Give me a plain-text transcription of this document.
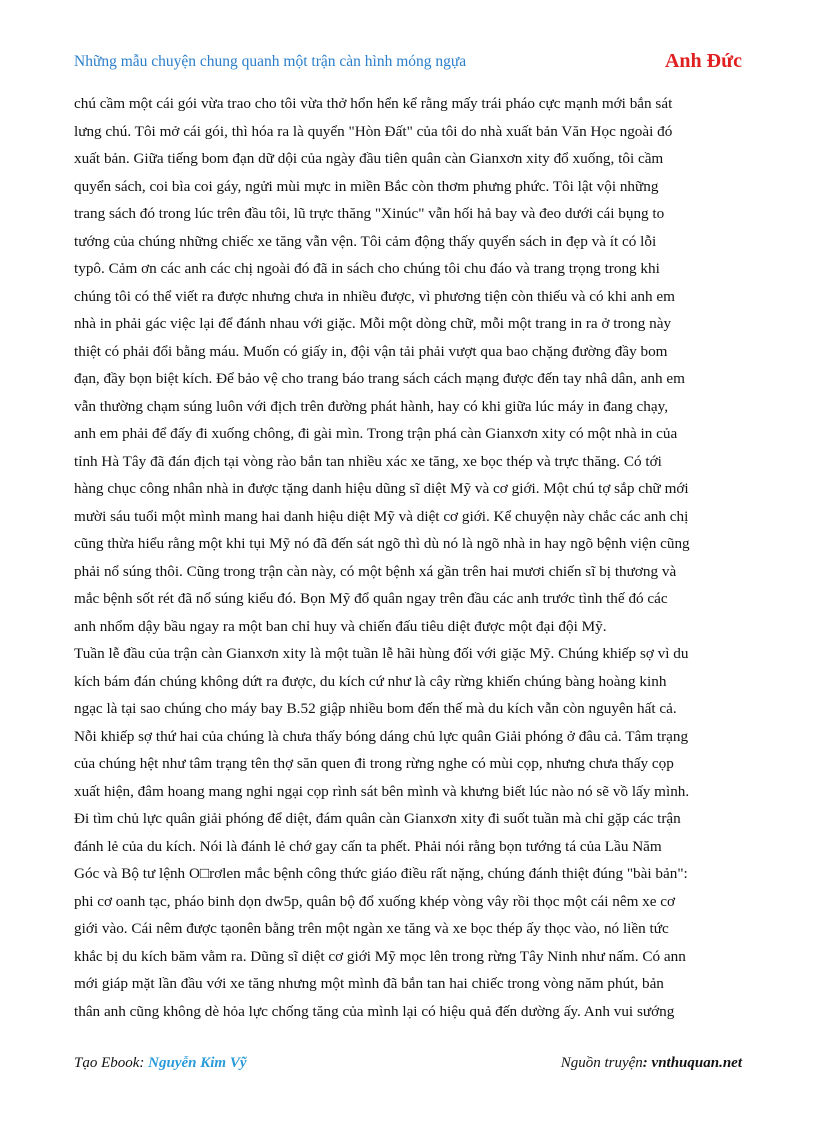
Những mẫu chuyện chung quanh một trận càn hình móng ngựa	Anh Đức
chú cầm một cái gói vừa trao cho tôi vừa thở hổn hển kể rằng mấy trái pháo cực mạnh mới bắn sát
lưng chú. Tôi mở cái gói, thì hóa ra là quyển "Hòn Đất" của tôi do nhà xuất bản Văn Học ngoài đó
xuất bản. Giữa tiếng bom đạn dữ dội của ngày đầu tiên quân càn Gianxơn xity đổ xuống, tôi cầm
quyển sách, coi bìa coi gáy, ngửi mùi mực in miền Bắc còn thơm phưng phức. Tôi lật vội những
trang sách đó trong lúc trên đầu tôi, lũ trực thăng "Xinúc" vẫn hối hả bay và đeo dưới cái bụng to
tướng của chúng những chiếc xe tăng vẫn vện. Tôi cảm động thấy quyển sách in đẹp và ít có lỗi
typô. Cảm ơn các anh các chị ngoài đó đã in sách cho chúng tôi chu đáo và trang trọng trong khi
chúng tôi có thể viết ra được nhưng chưa in nhiều được, vì phương tiện còn thiếu và có khi anh em
nhà in phải gác việc lại để đánh nhau với giặc. Mỗi một dòng chữ, mỗi một trang in ra ở trong này
thiệt có phải đổi bằng máu. Muốn có giấy in, đội vận tải phải vượt qua bao chặng đường đầy bom
đạn, đầy bọn biệt kích. Để bảo vệ cho trang báo trang sách cách mạng được đến tay nhâ dân, anh em
vẫn thường chạm súng luôn với địch trên đường phát hành, hay có khi giữa lúc máy in đang chạy,
anh em phải để đấy đi xuống chông, đi gài mìn. Trong trận phá càn Gianxơn xity có một nhà in của
tỉnh Hà Tây đã đán địch tại vòng rào bắn tan nhiều xác xe tăng, xe bọc thép và trực thăng. Có tới
hàng chục công nhân nhà in được tặng danh hiệu dũng sĩ diệt Mỹ và cơ giới. Một chú tợ sắp chữ mới
mười sáu tuổi một mình mang hai danh hiệu diệt Mỹ và diệt cơ giới. Kể chuyện này chắc các anh chị
cũng thừa hiểu rằng một khi tụi Mỹ nó đã đến sát ngõ thì dù nó là ngõ nhà in hay ngõ bệnh viện cũng
phải nổ súng thôi. Cũng trong trận càn này, có một bệnh xá gần trên hai mươi chiến sĩ bị thương và
mắc bệnh sốt rét đã nổ súng kiểu đó. Bọn Mỹ đổ quân ngay trên đầu các anh trước tình thế đó các
anh nhổm dậy bầu ngay ra một ban chỉ huy và chiến đấu tiêu diệt được một đại đội Mỹ.
Tuần lễ đầu của trận càn Gianxơn xity là một tuần lễ hãi hùng đối với giặc Mỹ. Chúng khiếp sợ vì du
kích bám đán chúng không dứt ra được, du kích cứ như là cây rừng khiến chúng bàng hoàng kinh
ngạc là tại sao chúng cho máy bay B.52 giập nhiều bom đến thế mà du kích vẫn còn nguyên hất cả.
Nỗi khiếp sợ thứ hai của chúng là chưa thấy bóng dáng chủ lực quân Giải phóng ở đâu cả. Tâm trạng
của chúng hệt như tâm trạng tên thợ săn quen đi trong rừng nghe có mùi cọp, nhưng chưa thấy cọp
xuất hiện, đâm hoang mang nghi ngại cọp rình sát bên mình và khưng biết lúc nào nó sẽ vồ lấy mình.
Đi tìm chủ lực quân giải phóng để diệt, đám quân càn Gianxơn xity đi suốt tuần mà chỉ gặp các trận
đánh lẻ của du kích. Nói là đánh lẻ chớ gay cấn ta phết. Phải nói rằng bọn tướng tá của Lầu Năm
Góc và Bộ tư lệnh O□rơlen mắc bệnh công thức giáo điều rất nặng, chúng đánh thiệt đúng "bài bản":
phi cơ oanh tạc, pháo binh dọn dw5p, quân bộ đổ xuống khép vòng vây rồi thọc một cái nêm xe cơ
giới vào. Cái nêm được tạonên bằng trên một ngàn xe tăng và xe bọc thép ấy thọc vào, nó liền tức
khắc bị du kích băm vằm ra. Dũng sĩ diệt cơ giới Mỹ mọc lên trong rừng Tây Ninh như nấm. Có ann
mới giáp mặt lần đầu với xe tăng nhưng một mình đã bắn tan hai chiếc trong vòng năm phút, bản
thân anh cũng không dè hỏa lực chống tăng của mình lại có hiệu quả đến dường ấy. Anh vui sướng
Tạo Ebook: Nguyễn Kim Vỹ	Nguồn truyện: vnthuquan.net
